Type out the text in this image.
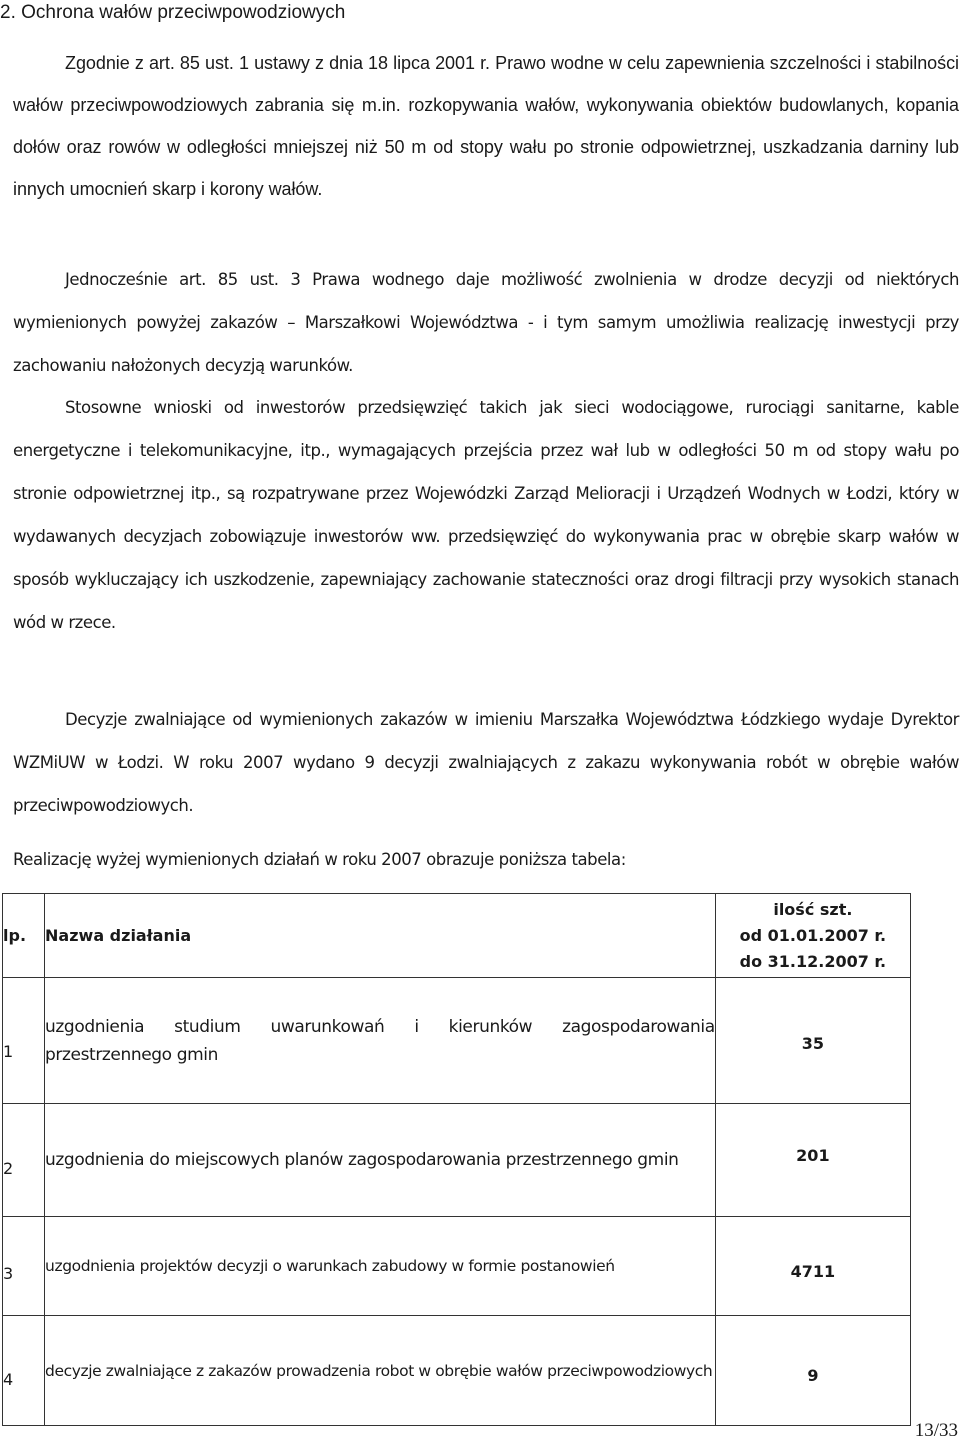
2. Ochrona wałów przeciwpowodziowych

Zgodnie z art. 85 ust. 1 ustawy z dnia 18 lipca 2001 r. Prawo wodne w celu zapewnienia szczelności i stabilności wałów przeciwpowodziowych zabrania się m.in. rozkopywania wałów, wykonywania obiektów budowlanych, kopania dołów oraz rowów w odległości mniejszej niż 50 m od stopy wału po stronie odpowietrznej, uszkadzania darniny lub innych umocnień skarp i korony wałów.

Jednocześnie art. 85 ust. 3 Prawa wodnego daje możliwość zwolnienia w drodze decyzji od niektórych wymienionych powyżej zakazów – Marszałkowi Województwa - i tym samym umożliwia realizację inwestycji przy zachowaniu nałożonych decyzją warunków.

Stosowne wnioski od inwestorów przedsięwzięć takich jak sieci wodociągowe, rurociągi sanitarne, kable energetyczne i telekomunikacyjne, itp., wymagających przejścia przez wał lub w odległości 50 m od stopy wału po stronie odpowietrznej itp., są rozpatrywane przez Wojewódzki Zarząd Melioracji i Urządzeń Wodnych w Łodzi, który w wydawanych decyzjach zobowiązuje inwestorów ww. przedsięwzięć do wykonywania prac w obrębie skarp wałów w sposób wykluczający ich uszkodzenie, zapewniający zachowanie stateczności oraz drogi filtracji przy wysokich stanach wód w rzece.

Decyzje zwalniające od wymienionych zakazów w imieniu Marszałka Województwa Łódzkiego wydaje Dyrektor WZMiUW w Łodzi. W roku 2007 wydano 9 decyzji zwalniających z zakazu wykonywania robót w obrębie wałów przeciwpowodziowych.

Realizację wyżej wymienionych działań w roku 2007 obrazuje poniższa tabela:

lp.	Nazwa działania	ilość szt.
od 01.01.2007 r.
do 31.12.2007 r.

1	uzgodnienia studium uwarunkowań i kierunków zagospodarowania przestrzennego gmin	35
2	uzgodnienia do miejscowych planów zagospodarowania przestrzennego gmin	201
3	uzgodnienia projektów decyzji o warunkach zabudowy w formie postanowień	4711
4	decyzje zwalniające z zakazów prowadzenia robot w obrębie wałów przeciwpowodziowych	9
13/33
